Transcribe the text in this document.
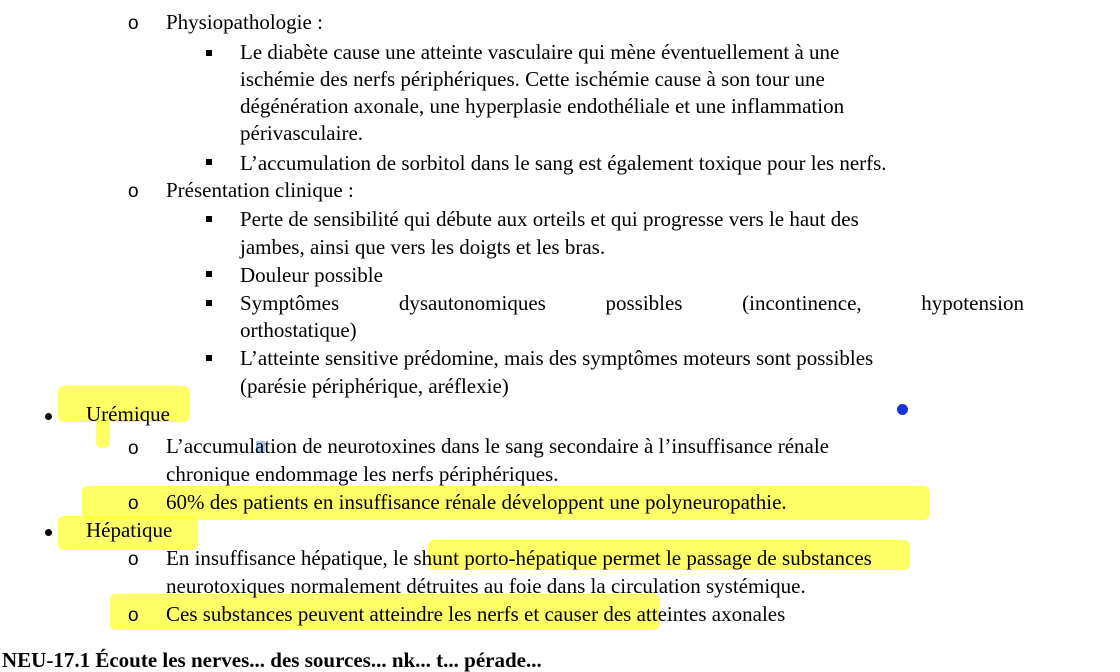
o Physiopathologie :
Le diabète cause une atteinte vasculaire qui mène éventuellement à une
ischémie des nerfs périphériques. Cette ischémie cause à son tour une
dégénération axonale, une hyperplasie endothéliale et une inflammation
périvasculaire.
L’accumulation de sorbitol dans le sang est également toxique pour les nerfs.
o Présentation clinique :
Perte de sensibilité qui débute aux orteils et qui progresse vers le haut des
jambes, ainsi que vers les doigts et les bras.
Douleur possible
Symptômes	dysautonomiques	possibles	(incontinence,	hypotension
orthostatique)
L’atteinte sensitive prédomine, mais des symptômes moteurs sont possibles
(parésie périphérique, aréflexie)
Urémique
o L’accumulation de neurotoxines dans le sang secondaire à l’insuffisance rénale
chronique endommage les nerfs périphériques.
o 60% des patients en insuffisance rénale développent une polyneuropathie.
Hépatique
o En insuffisance hépatique, le shunt porto-hépatique permet le passage de substances
neurotoxiques normalement détruites au foie dans la circulation systémique.
o Ces substances peuvent atteindre les nerfs et causer des atteintes axonales
NEU-17.1 Écoute les nerves... des sources... nk... t... pérade...
